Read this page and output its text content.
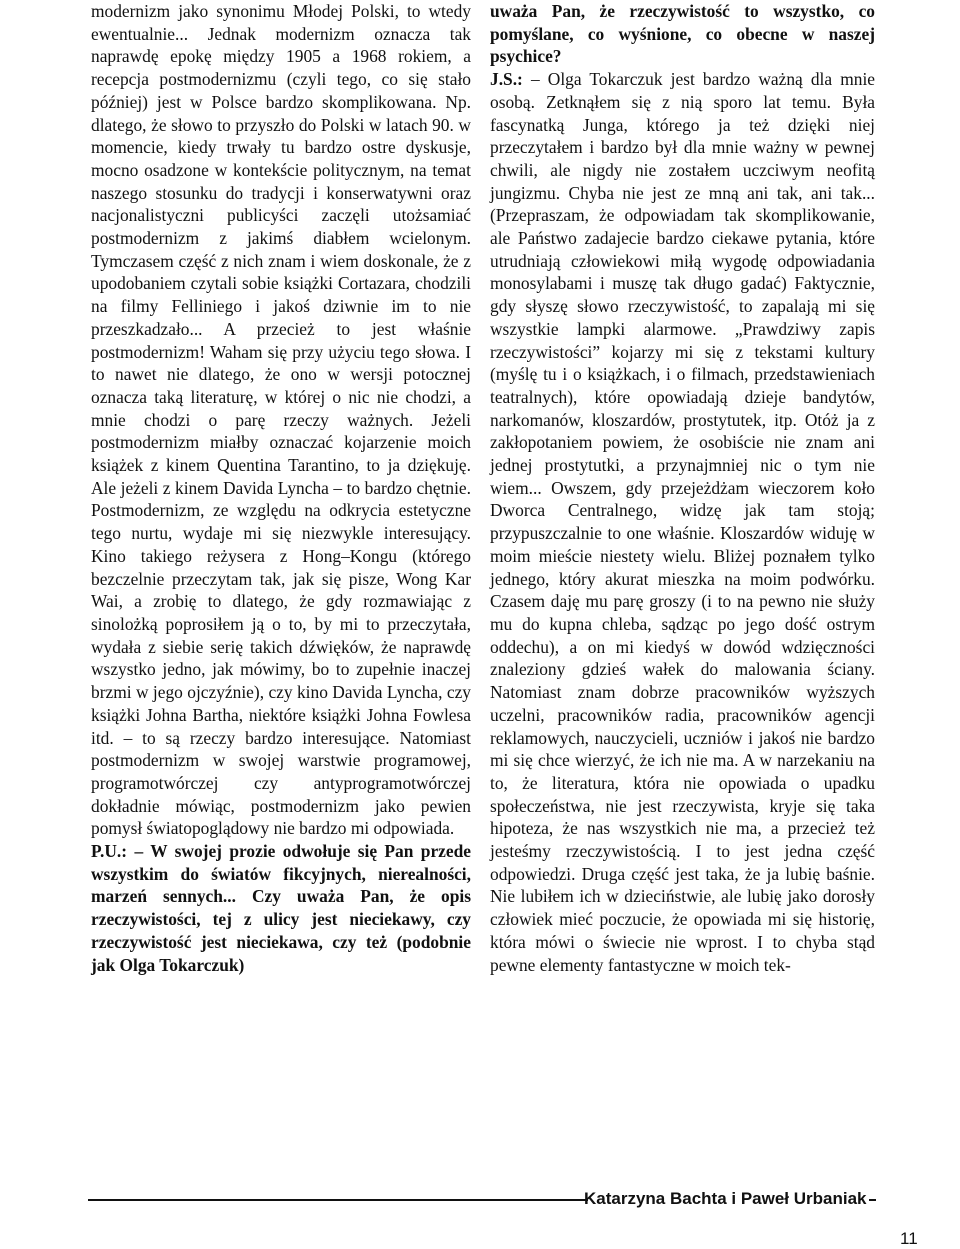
modernizm jako synonimu Młodej Polski, to wtedy ewentualnie... Jednak modernizm oznacza tak naprawdę epokę między 1905 a 1968 rokiem, a recepcja postmodernizmu (czyli tego, co się stało później) jest w Polsce bardzo skomplikowana. Np. dlatego, że słowo to przyszło do Polski w latach 90. w momencie, kiedy trwały tu bardzo ostre dyskusje, mocno osadzone w kontekście politycznym, na temat naszego stosunku do tradycji i konserwatywni oraz nacjonalistyczni publicyści zaczęli utożsamiać postmodernizm z jakimś diabłem wcielonym. Tymczasem część z nich znam i wiem doskonale, że z upodobaniem czytali sobie książki Cortazara, chodzili na filmy Felliniego i jakoś dziwnie im to nie przeszkadzało... A przecież to jest właśnie postmodernizm! Waham się przy użyciu tego słowa. I to nawet nie dlatego, że ono w wersji potocznej oznacza taką literaturę, w której o nic nie chodzi, a mnie chodzi o parę rzeczy ważnych. Jeżeli postmodernizm miałby oznaczać kojarzenie moich książek z kinem Quentina Tarantino, to ja dziękuję. Ale jeżeli z kinem Davida Lyncha – to bardzo chętnie. Postmodernizm, ze względu na odkrycia estetyczne tego nurtu, wydaje mi się niezwykle interesujący. Kino takiego reżysera z Hong–Kongu (którego bezczelnie przeczytam tak, jak się pisze, Wong Kar Wai, a zrobię to dlatego, że gdy rozmawiając z sinolożką poprosiłem ją o to, by mi to przeczytała, wydała z siebie serię takich dźwięków, że naprawdę wszystko jedno, jak mówimy, bo to zupełnie inaczej brzmi w jego ojczyźnie), czy kino Davida Lyncha, czy książki Johna Bartha, niektóre książki Johna Fowlesa itd. – to są rzeczy bardzo interesujące. Natomiast postmodernizm w swojej warstwie programowej, programotwórczej czy antyprogramotwórczej dokładnie mówiąc, postmodernizm jako pewien pomysł światopoglądowy nie bardzo mi odpowiada.

P.U.: – W swojej prozie odwołuje się Pan przede wszystkim do światów fikcyjnych, nierealności, marzeń sennych... Czy uważa Pan, że opis rzeczywistości, tej z ulicy jest nieciekawy, czy rzeczywistość jest nieciekawa, czy też (podobnie jak Olga Tokarczuk)

uważa Pan, że rzeczywistość to wszystko, co pomyślane, co wyśnione, co obecne w naszej psychice?

J.S.: – Olga Tokarczuk jest bardzo ważną dla mnie osobą. Zetknąłem się z nią sporo lat temu. Była fascynatką Junga, którego ja też dzięki niej przeczytałem i bardzo był dla mnie ważny w pewnej chwili, ale nigdy nie zostałem uczciwym neofitą jungizmu. Chyba nie jest ze mną ani tak, ani tak... (Przepraszam, że odpowiadam tak skomplikowanie, ale Państwo zadajecie bardzo ciekawe pytania, które utrudniają człowiekowi miłą wygodę odpowiadania monosylabami i muszę tak długo gadać) Faktycznie, gdy słyszę słowo rzeczywistość, to zapalają mi się wszystkie lampki alarmowe. „Prawdziwy zapis rzeczywistości” kojarzy mi się z tekstami kultury (myślę tu i o książkach, i o filmach, przedstawieniach teatralnych), które opowiadają dzieje bandytów, narkomanów, kloszardów, prostytutek, itp. Otóż ja z zakłopotaniem powiem, że osobiście nie znam ani jednej prostytutki, a przynajmniej nic o tym nie wiem... Owszem, gdy przejeżdżam wieczorem koło Dworca Centralnego, widzę jak tam stoją; przypuszczalnie to one właśnie. Kloszardów widuję w moim mieście niestety wielu. Bliżej poznałem tylko jednego, który akurat mieszka na moim podwórku. Czasem daję mu parę groszy (i to na pewno nie służy mu do kupna chleba, sądząc po jego dość ostrym oddechu), a on mi kiedyś w dowód wdzięczności znaleziony gdzieś wałek do malowania ściany. Natomiast znam dobrze pracowników wyższych uczelni, pracowników radia, pracowników agencji reklamowych, nauczycieli, uczniów i jakoś nie bardzo mi się chce wierzyć, że ich nie ma. A w narzekaniu na to, że literatura, która nie opowiada o upadku społeczeństwa, nie jest rzeczywista, kryje się taka hipoteza, że nas wszystkich nie ma, a przecież też jesteśmy rzeczywistością. I to jest jedna część odpowiedzi. Druga część jest taka, że ja lubię baśnie. Nie lubiłem ich w dzieciństwie, ale lubię jako dorosły człowiek mieć poczucie, że opowiada mi się historię, która mówi o świecie nie wprost. I to chyba stąd pewne elementy fantastyczne w moich tek-

Katarzyna Bachta i Paweł Urbaniak
11
